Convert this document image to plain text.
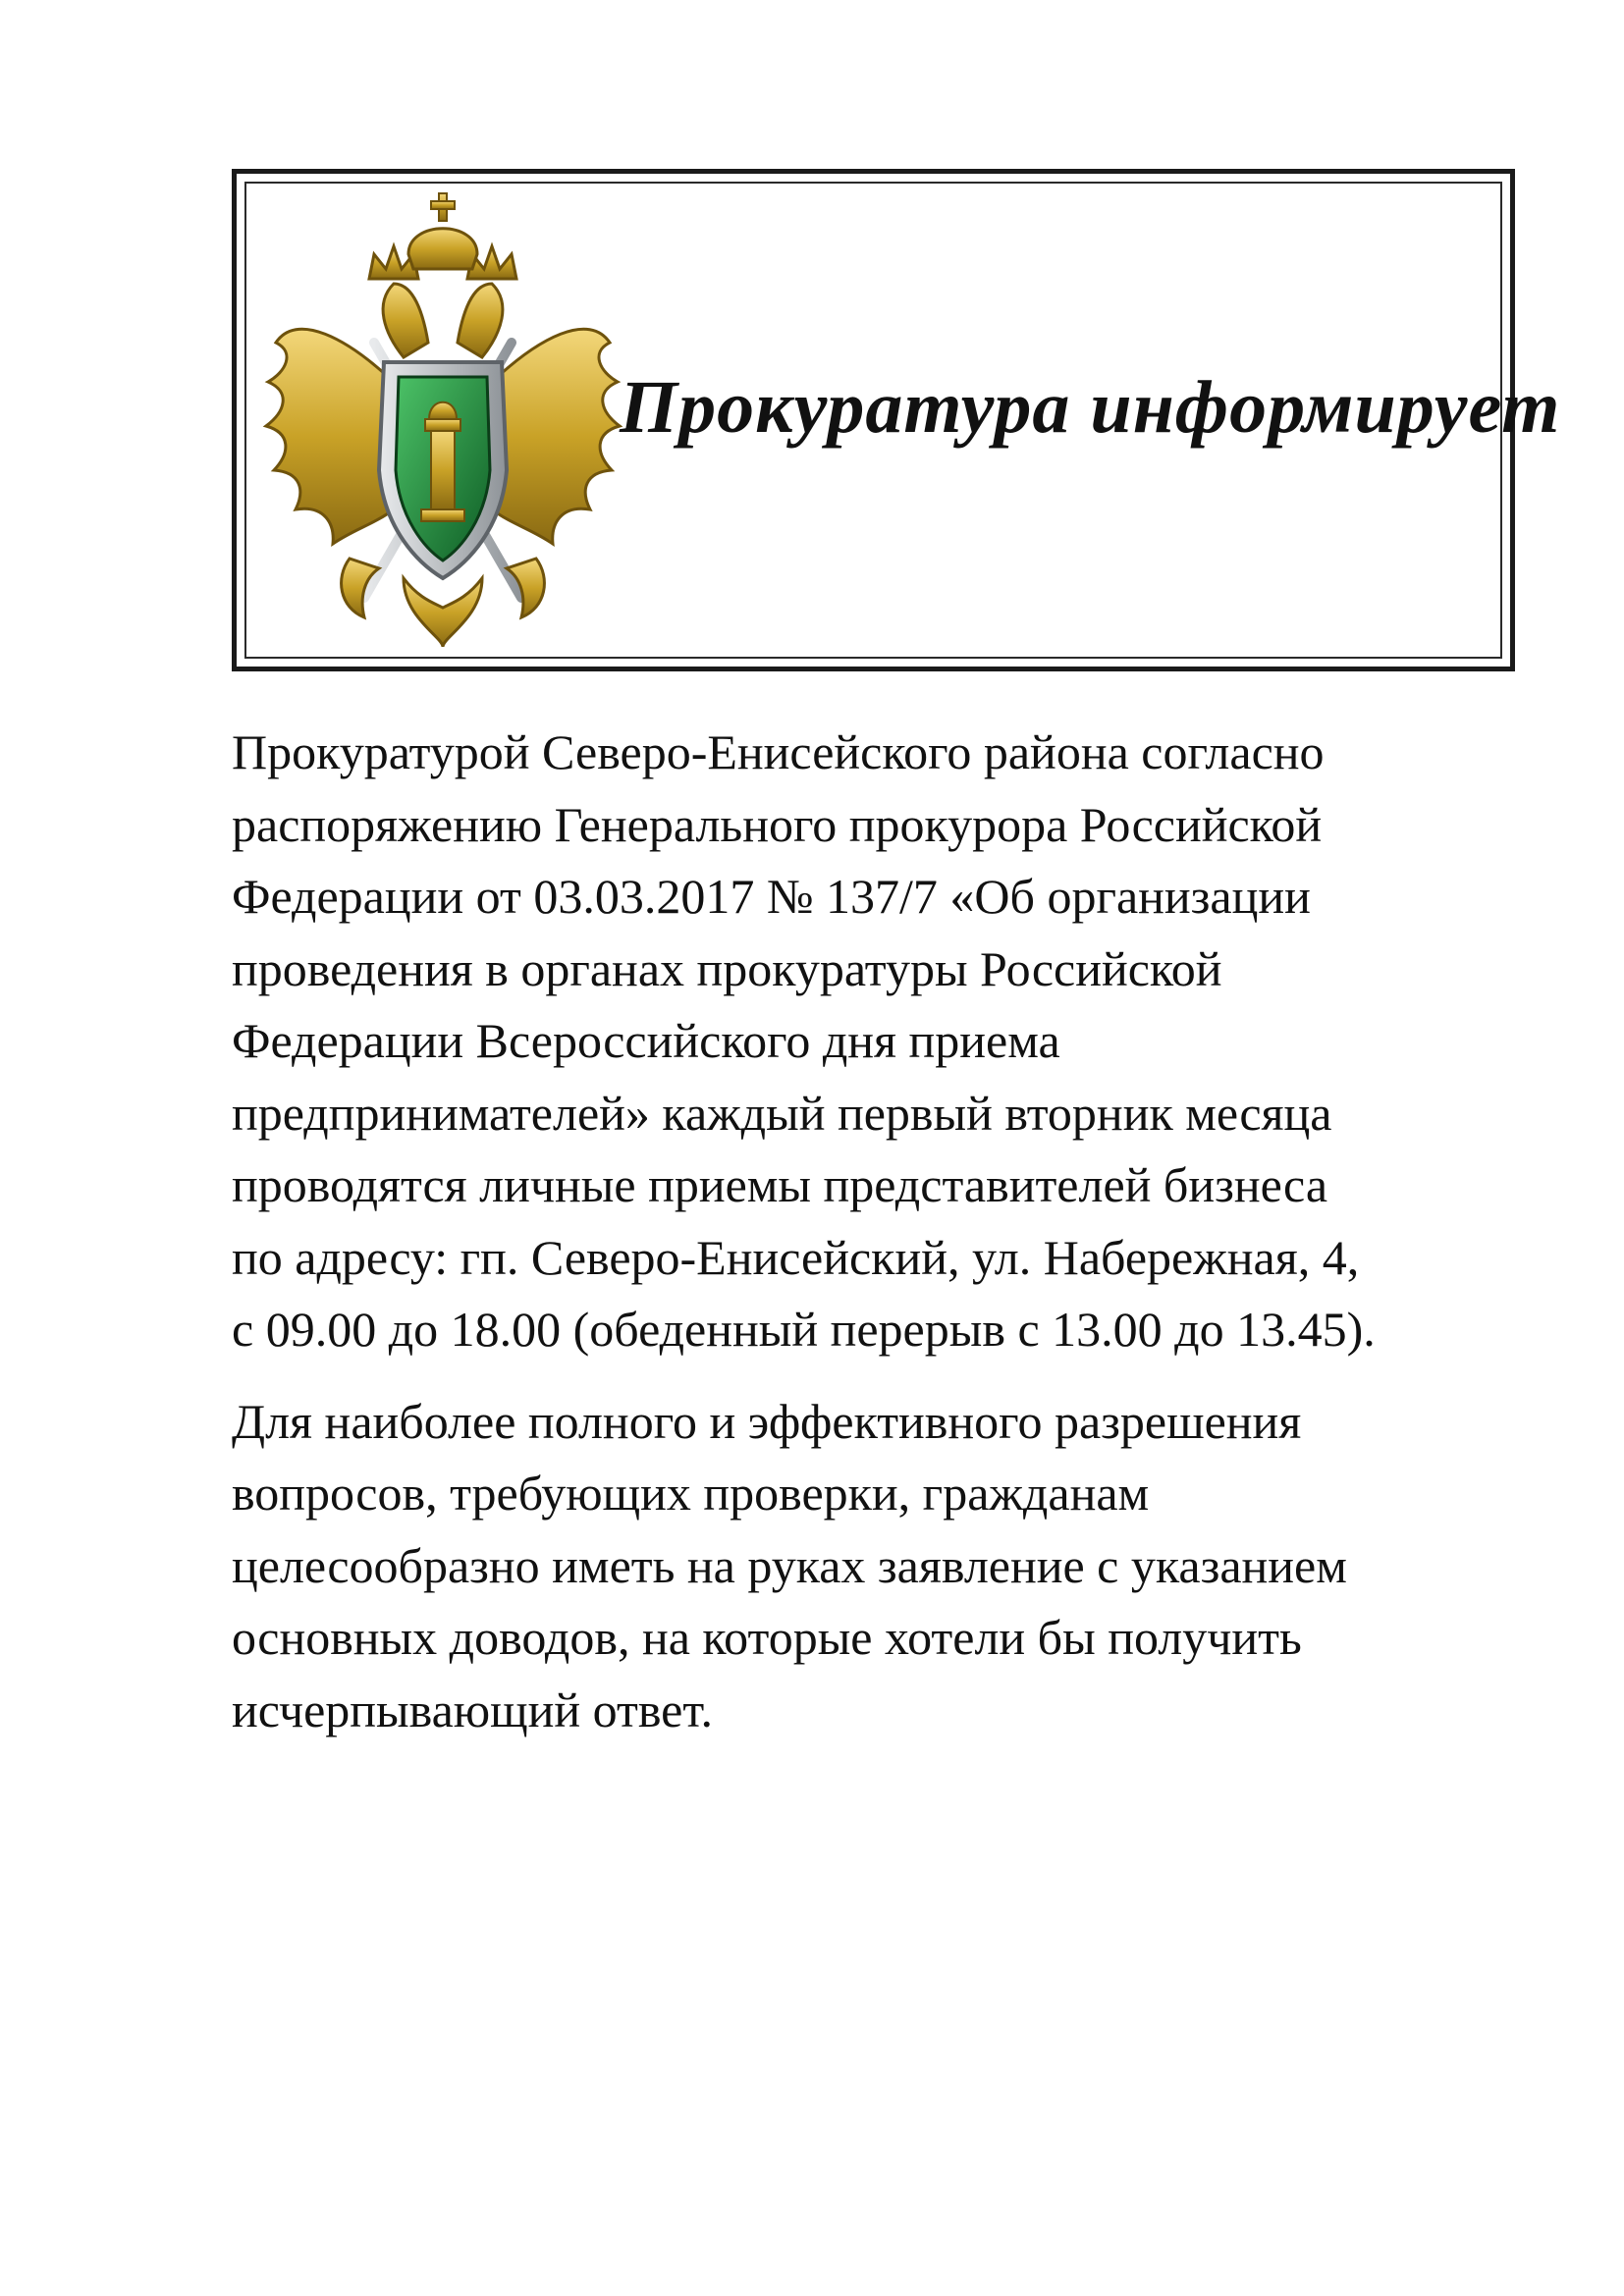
Прокуратура информирует

Прокуратурой Северо-Енисейского района согласно
распоряжению Генерального прокурора Российской
Федерации от 03.03.2017 № 137/7 «Об организации
проведения в органах прокуратуры Российской
Федерации Всероссийского дня приема
предпринимателей» каждый первый вторник месяца
проводятся личные приемы представителей бизнеса
по адресу: гп. Северо-Енисейский, ул. Набережная, 4,
с 09.00 до 18.00 (обеденный перерыв с 13.00 до 13.45).

Для наиболее полного и эффективного разрешения
вопросов, требующих проверки, гражданам
целесообразно иметь на руках заявление с указанием
основных доводов, на которые хотели бы получить
исчерпывающий ответ.
